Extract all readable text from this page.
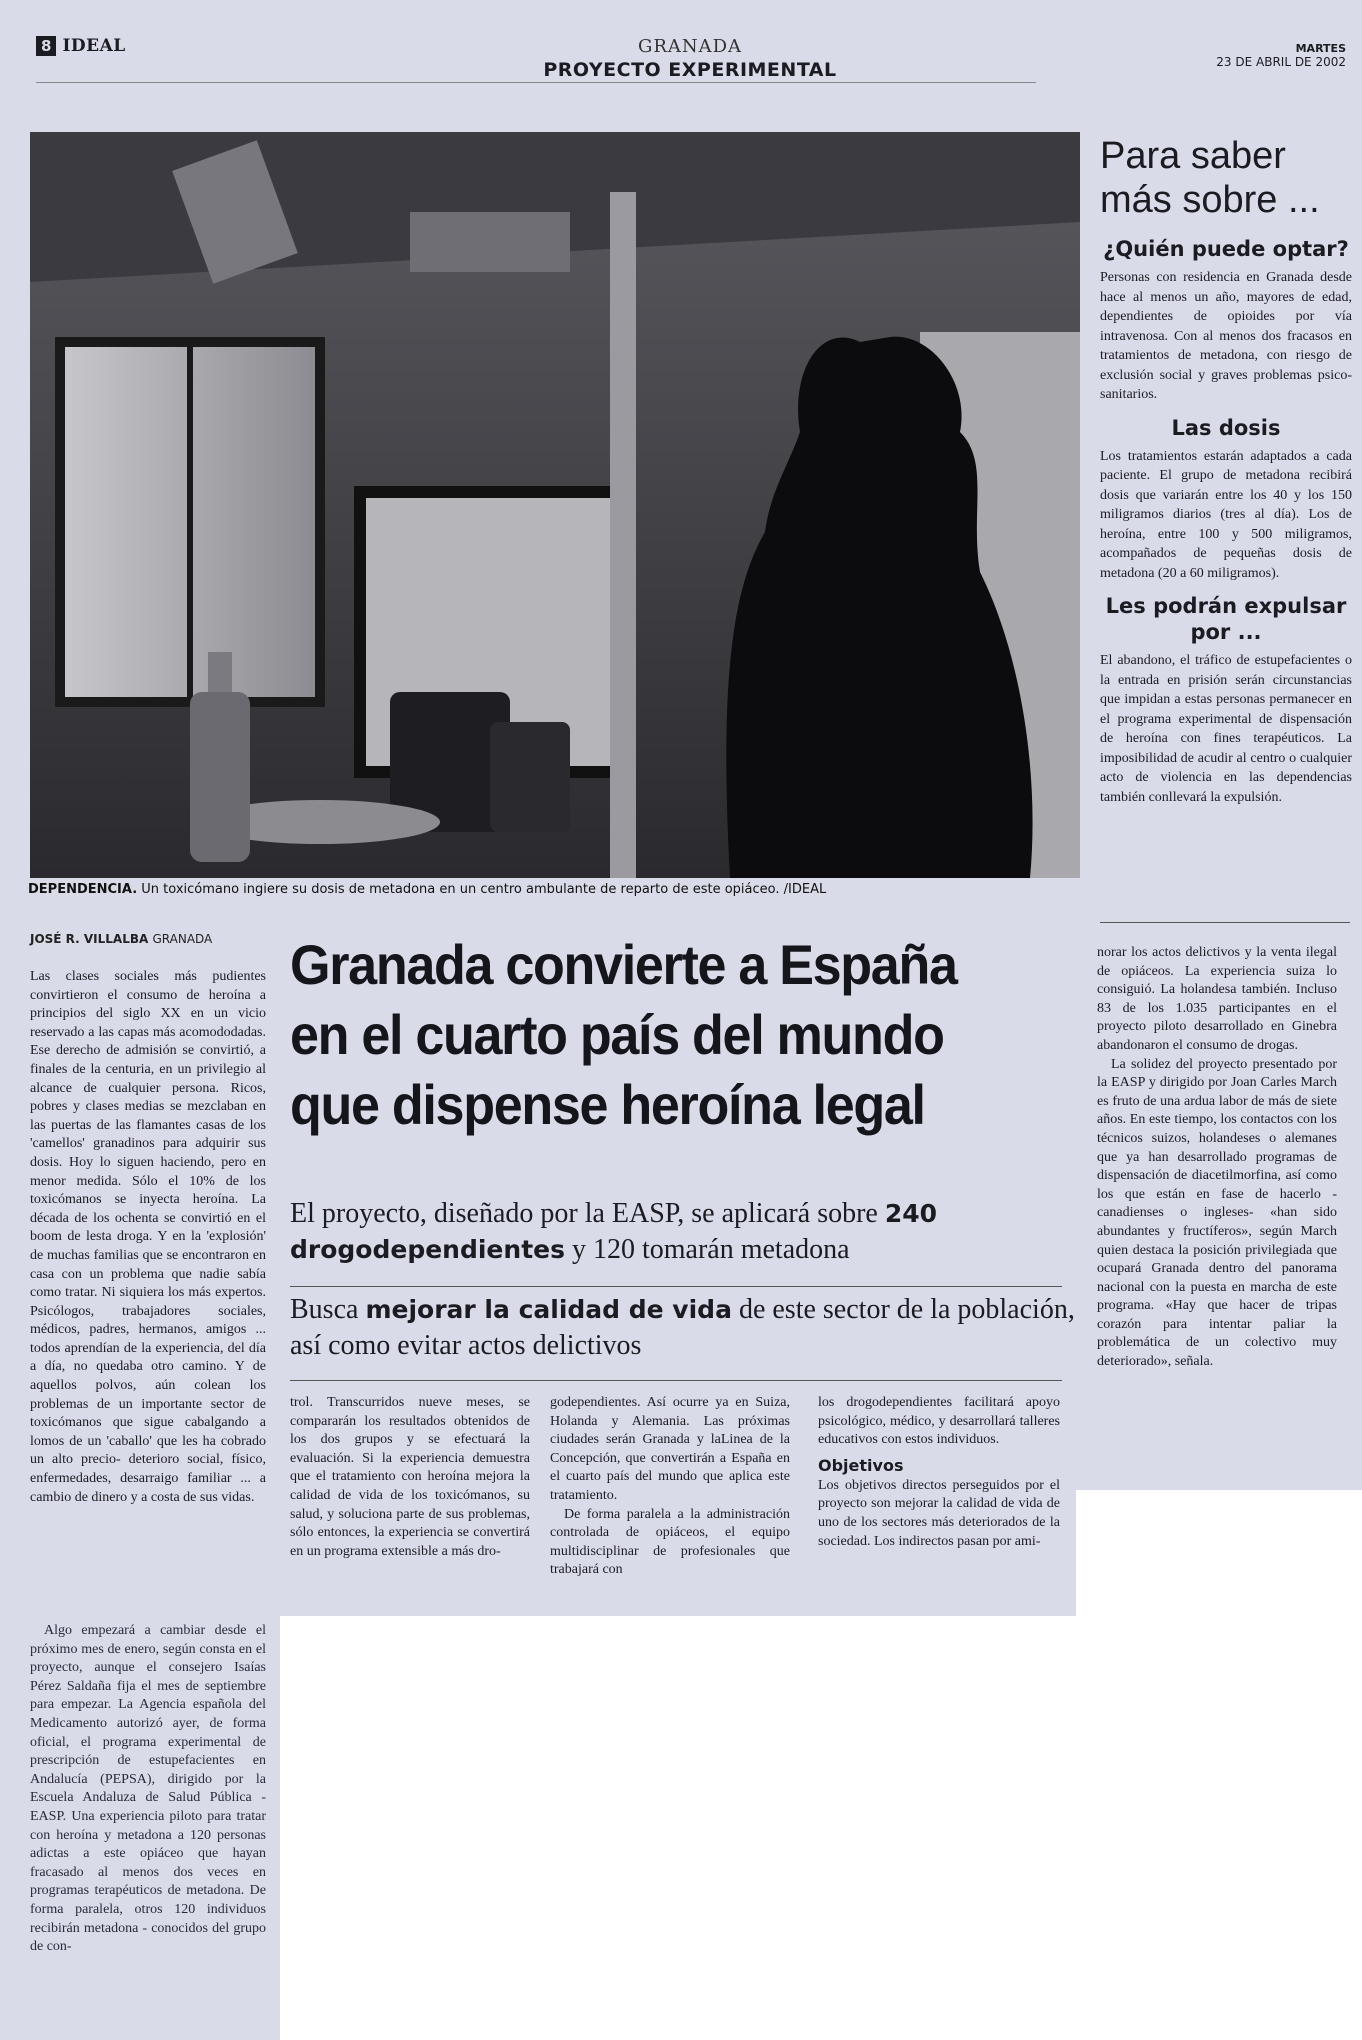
8 IDEAL	GRANADA
PROYECTO EXPERIMENTAL
MARTES
23 DE ABRIL DE 2002
DEPENDENCIA. Un toxicómano ingiere su dosis de metadona en un centro ambulante de reparto de este opiáceo. /IDEAL
Para saber más sobre ...
¿Quién puede optar?
Personas con residencia en Granada desde hace al menos un año, mayores de edad, dependientes de opioides por vía intravenosa. Con al menos dos fracasos en tratamientos de metadona, con riesgo de exclusión social y graves problemas psico-sanitarios.
Las dosis
Los tratamientos estarán adaptados a cada paciente. El grupo de metadona recibirá dosis que variarán entre los 40 y los 150 miligramos diarios (tres al día). Los de heroína, entre 100 y 500 miligramos, acompañados de pequeñas dosis de metadona (20 a 60 miligramos).
Les podrán expulsar por ...
El abandono, el tráfico de estupefacientes o la entrada en prisión serán circunstancias que impidan a estas personas permanecer en el programa experimental de dispensación de heroína con fines terapéuticos. La imposibilidad de acudir al centro o cualquier acto de violencia en las dependencias también conllevará la expulsión.
JOSÉ R. VILLALBA GRANADA Granada convierte a España en el cuarto país del mundo que dispense heroína legal
El proyecto, diseñado por la EASP, se aplicará sobre 240 drogodependientes y 120 tomarán metadona
Busca mejorar la calidad de vida de este sector de la población, así como evitar actos delictivos

Las clases sociales más pudientes convirtieron el consumo de heroína a principios del siglo XX en un vicio reservado a las capas más acomododadas. Ese derecho de admisión se convirtió, a finales de la centuria, en un privilegio al alcance de cualquier persona. Ricos, pobres y clases medias se mezclaban en las puertas de las flamantes casas de los 'camellos' granadinos para adquirir sus dosis. Hoy lo siguen haciendo, pero en menor medida. Sólo el 10% de los toxicómanos se inyecta heroína. La década de los ochenta se convirtió en el boom de lesta droga. Y en la 'explosión' de muchas familias que se encontraron en casa con un problema que nadie sabía como tratar. Ni siquiera los más expertos. Psicólogos, trabajadores sociales, médicos, padres, hermanos, amigos ... todos aprendían de la experiencia, del día a día, no quedaba otro camino. Y de aquellos polvos, aún colean los problemas de un importante sector de toxicómanos que sigue cabalgando a lomos de un 'caballo' que les ha cobrado un alto precio- deterioro social, físico, enfermedades, desarraigo familiar ... a cambio de dinero y a costa de sus vidas.

Algo empezará a cambiar desde el próximo mes de enero, según consta en el proyecto, aunque el consejero Isaías Pérez Saldaña fija el mes de septiembre para empezar. La Agencia española del Medicamento autorizó ayer, de forma oficial, el programa experimental de prescripción de estupefacientes en Andalucía (PEPSA), dirigido por la Escuela Andaluza de Salud Pública -EASP. Una experiencia piloto para tratar con heroína y metadona a 120 personas adictas a este opiáceo que hayan fracasado al menos dos veces en programas terapéuticos de metadona. De forma paralela, otros 120 individuos recibirán metadona - conocidos del grupo de con-

trol. Transcurridos nueve meses, se compararán los resultados obtenidos de los dos grupos y se efectuará la evaluación. Si la experiencia demuestra que el tratamiento con heroína mejora la calidad de vida de los toxicómanos, su salud, y soluciona parte de sus problemas, sólo entonces, la experiencia se convertirá en un programa extensible a más dro-

godependientes. Así ocurre ya en Suiza, Holanda y Alemania. Las próximas ciudades serán Granada y laLinea de la Concepción, que convertirán a España en el cuarto país del mundo que aplica este tratamiento.

De forma paralela a la administración controlada de opiáceos, el equipo multidisciplinar de profesionales que trabajará con

los drogodependientes facilitará apoyo psicológico, médico, y desarrollará talleres educativos con estos individuos.

Objetivos

Los objetivos directos perseguidos por el proyecto son mejorar la calidad de vida de uno de los sectores más deteriorados de la sociedad. Los indirectos pasan por ami-

norar los actos delictivos y la venta ilegal de opiáceos. La experiencia suiza lo consiguió. La holandesa también. Incluso 83 de los 1.035 participantes en el proyecto piloto desarrollado en Ginebra abandonaron el consumo de drogas.

La solidez del proyecto presentado por la EASP y dirigido por Joan Carles March es fruto de una ardua labor de más de siete años. En este tiempo, los contactos con los técnicos suizos, holandeses o alemanes que ya han desarrollado programas de dispensación de diacetilmorfina, así como los que están en fase de hacerlo -canadienses o ingleses- «han sido abundantes y fructíferos», según March quien destaca la posición privilegiada que ocupará Granada dentro del panorama nacional con la puesta en marcha de este programa. «Hay que hacer de tripas corazón para intentar paliar la problemática de un colectivo muy deteriorado», señala.
